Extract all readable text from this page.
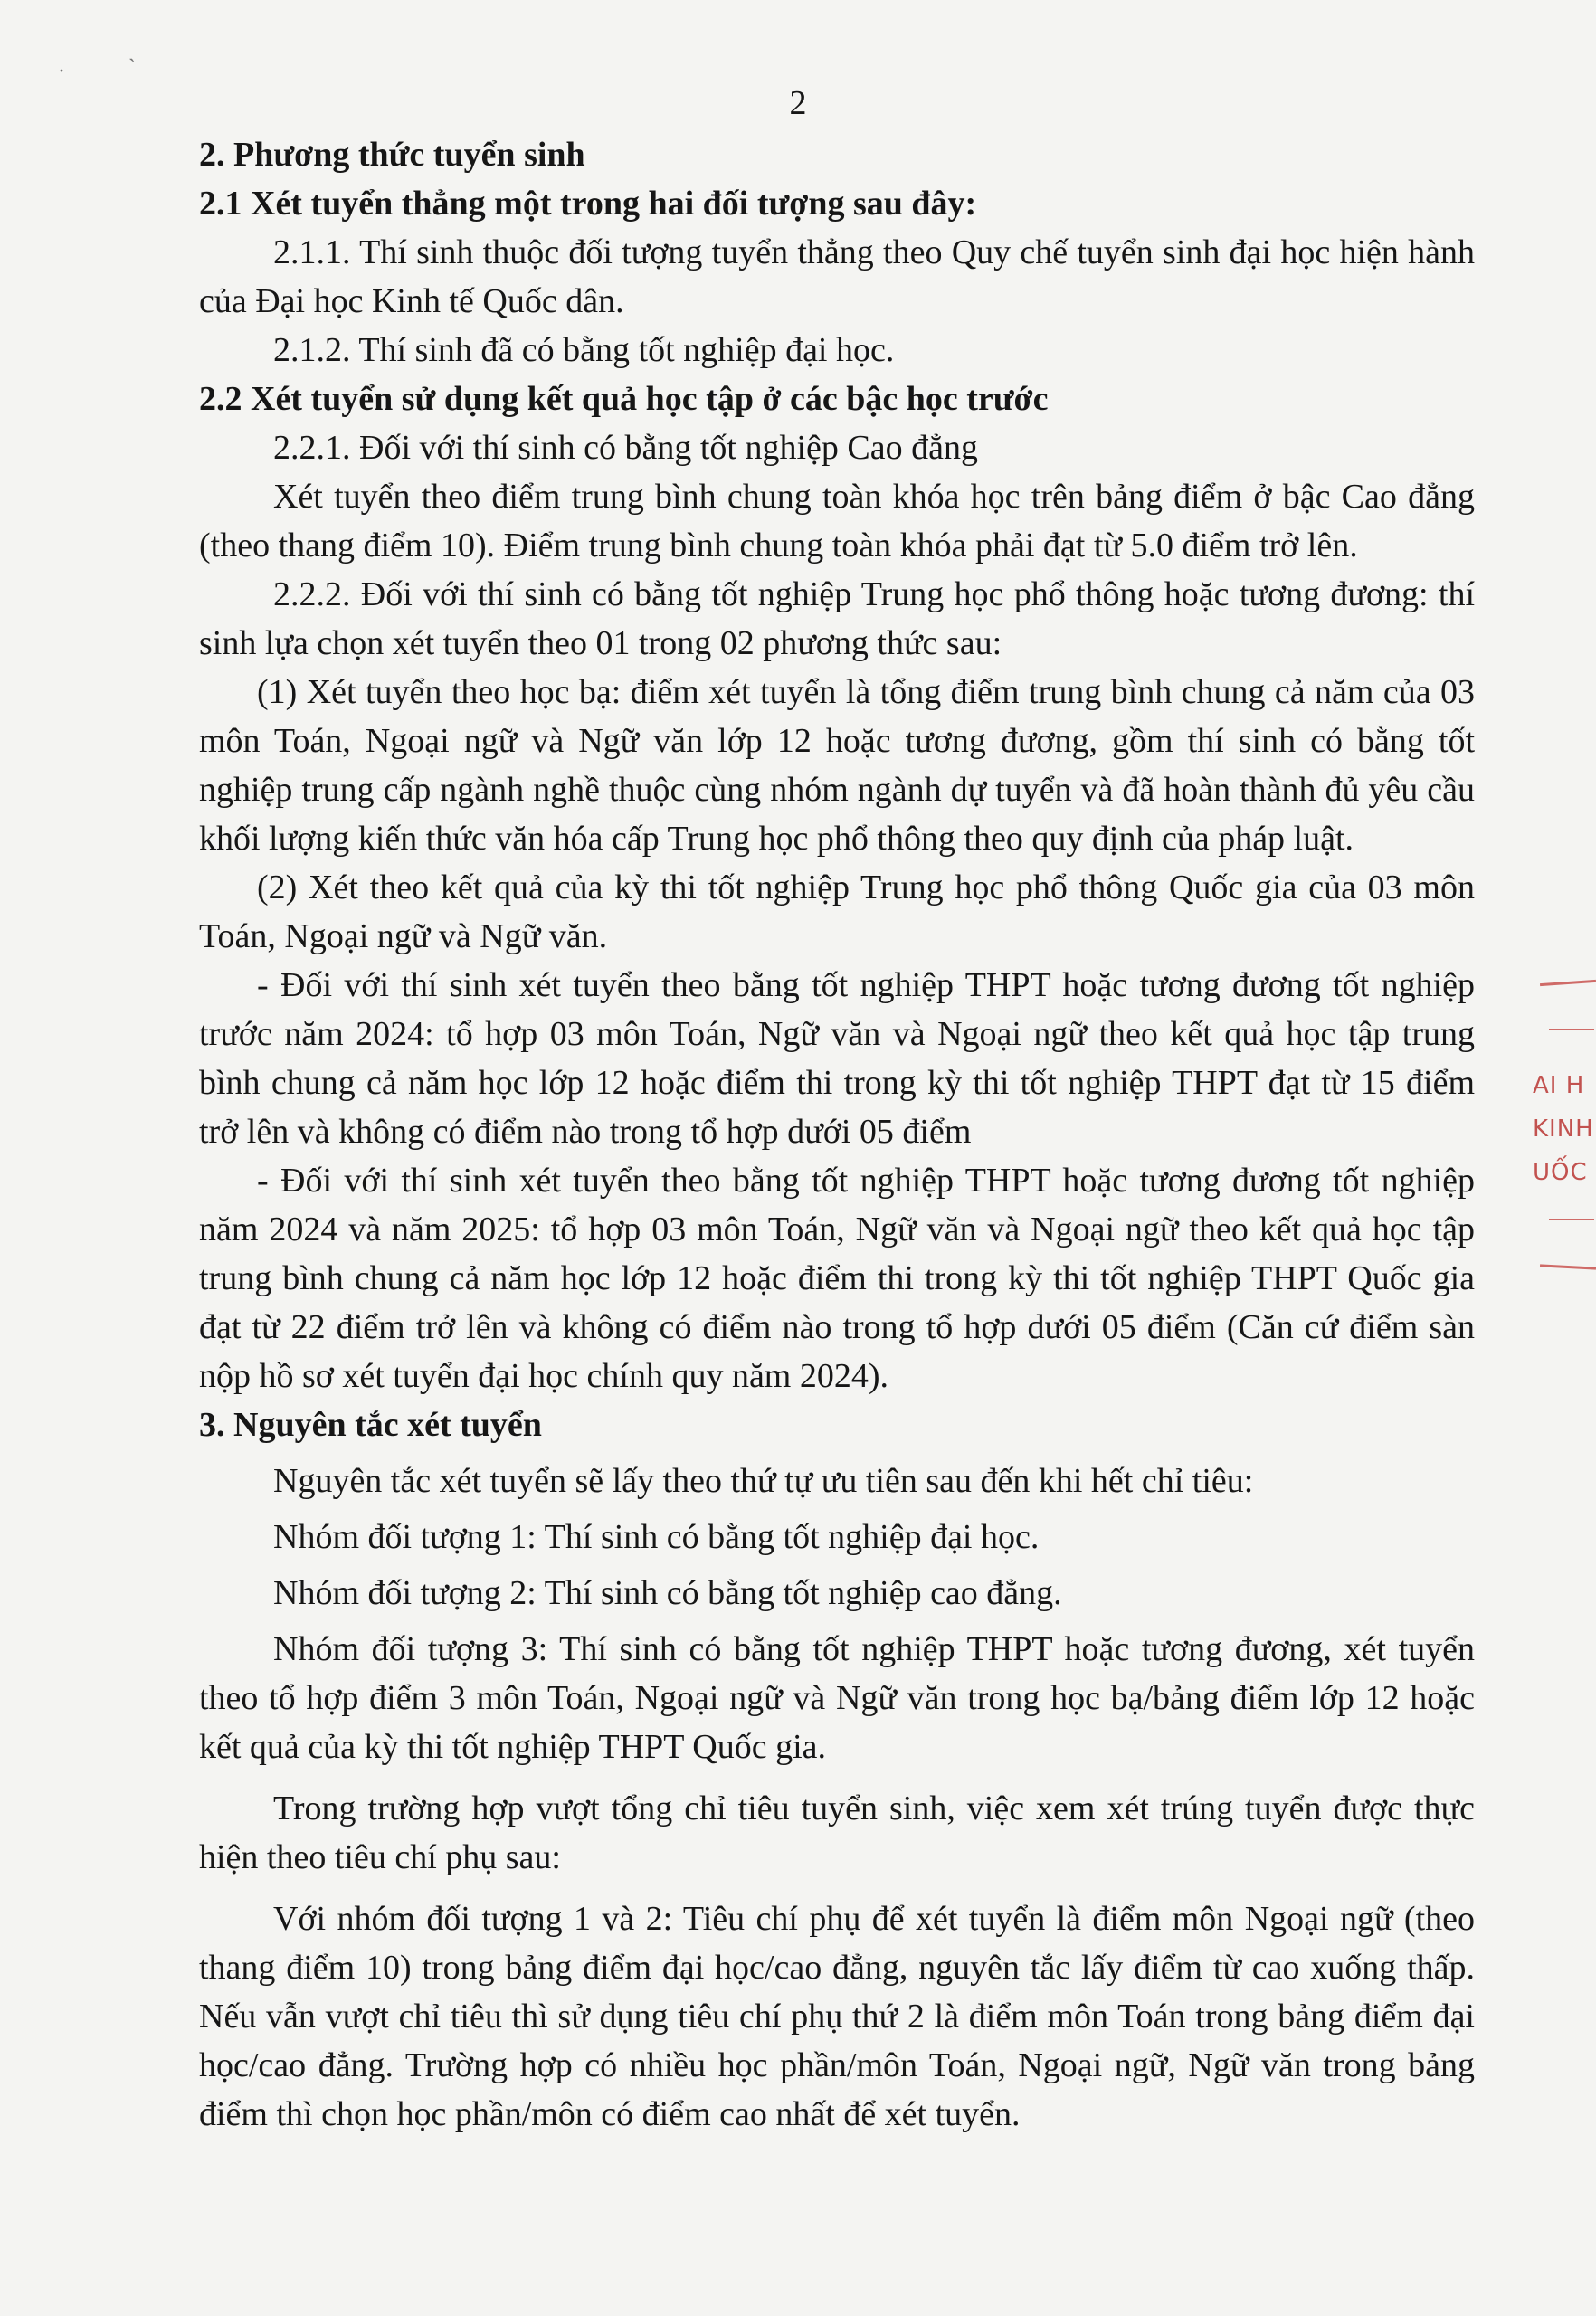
·	ˋ
2

2. Phương thức tuyển sinh

2.1 Xét tuyển thẳng một trong hai đối tượng sau đây:

2.1.1. Thí sinh thuộc đối tượng tuyển thẳng theo Quy chế tuyển sinh đại học hiện hành của Đại học Kinh tế Quốc dân.

2.1.2. Thí sinh đã có bằng tốt nghiệp đại học.

2.2 Xét tuyển sử dụng kết quả học tập ở các bậc học trước

2.2.1. Đối với thí sinh có bằng tốt nghiệp Cao đẳng

Xét tuyển theo điểm trung bình chung toàn khóa học trên bảng điểm ở bậc Cao đẳng (theo thang điểm 10). Điểm trung bình chung toàn khóa phải đạt từ 5.0 điểm trở lên.

2.2.2. Đối với thí sinh có bằng tốt nghiệp Trung học phổ thông hoặc tương đương: thí sinh lựa chọn xét tuyển theo 01 trong 02 phương thức sau:

(1) Xét tuyển theo học bạ: điểm xét tuyển là tổng điểm trung bình chung cả năm của 03 môn Toán, Ngoại ngữ và Ngữ văn lớp 12 hoặc tương đương, gồm thí sinh có bằng tốt nghiệp trung cấp ngành nghề thuộc cùng nhóm ngành dự tuyển và đã hoàn thành đủ yêu cầu khối lượng kiến thức văn hóa cấp Trung học phổ thông theo quy định của pháp luật.

(2) Xét theo kết quả của kỳ thi tốt nghiệp Trung học phổ thông Quốc gia của 03 môn Toán, Ngoại ngữ và Ngữ văn.

- Đối với thí sinh xét tuyển theo bằng tốt nghiệp THPT hoặc tương đương tốt nghiệp trước năm 2024: tổ hợp 03 môn Toán, Ngữ văn và Ngoại ngữ theo kết quả học tập trung bình chung cả năm học lớp 12 hoặc điểm thi trong kỳ thi tốt nghiệp THPT đạt từ 15 điểm trở lên và không có điểm nào trong tổ hợp dưới 05 điểm

- Đối với thí sinh xét tuyển theo bằng tốt nghiệp THPT hoặc tương đương tốt nghiệp năm 2024 và năm 2025: tổ hợp 03 môn Toán, Ngữ văn và Ngoại ngữ theo kết quả học tập trung bình chung cả năm học lớp 12 hoặc điểm thi trong kỳ thi tốt nghiệp THPT Quốc gia đạt từ 22 điểm trở lên và không có điểm nào trong tổ hợp dưới 05 điểm (Căn cứ điểm sàn nộp hồ sơ xét tuyển đại học chính quy năm 2024).

3. Nguyên tắc xét tuyển

Nguyên tắc xét tuyển sẽ lấy theo thứ tự ưu tiên sau đến khi hết chỉ tiêu:

Nhóm đối tượng 1: Thí sinh có bằng tốt nghiệp đại học.

Nhóm đối tượng 2: Thí sinh có bằng tốt nghiệp cao đẳng.

Nhóm đối tượng 3: Thí sinh có bằng tốt nghiệp THPT hoặc tương đương, xét tuyển theo tổ hợp điểm 3 môn Toán, Ngoại ngữ và Ngữ văn trong học bạ/bảng điểm lớp 12 hoặc kết quả của kỳ thi tốt nghiệp THPT Quốc gia.

Trong trường hợp vượt tổng chỉ tiêu tuyển sinh, việc xem xét trúng tuyển được thực hiện theo tiêu chí phụ sau:

Với nhóm đối tượng 1 và 2: Tiêu chí phụ để xét tuyển là điểm môn Ngoại ngữ (theo thang điểm 10) trong bảng điểm đại học/cao đẳng, nguyên tắc lấy điểm từ cao xuống thấp. Nếu vẫn vượt chỉ tiêu thì sử dụng tiêu chí phụ thứ 2 là điểm môn Toán trong bảng điểm đại học/cao đẳng. Trường hợp có nhiều học phần/môn Toán, Ngoại ngữ, Ngữ văn trong bảng điểm thì chọn học phần/môn có điểm cao nhất để xét tuyển.

AI H
KINH
UỐC
